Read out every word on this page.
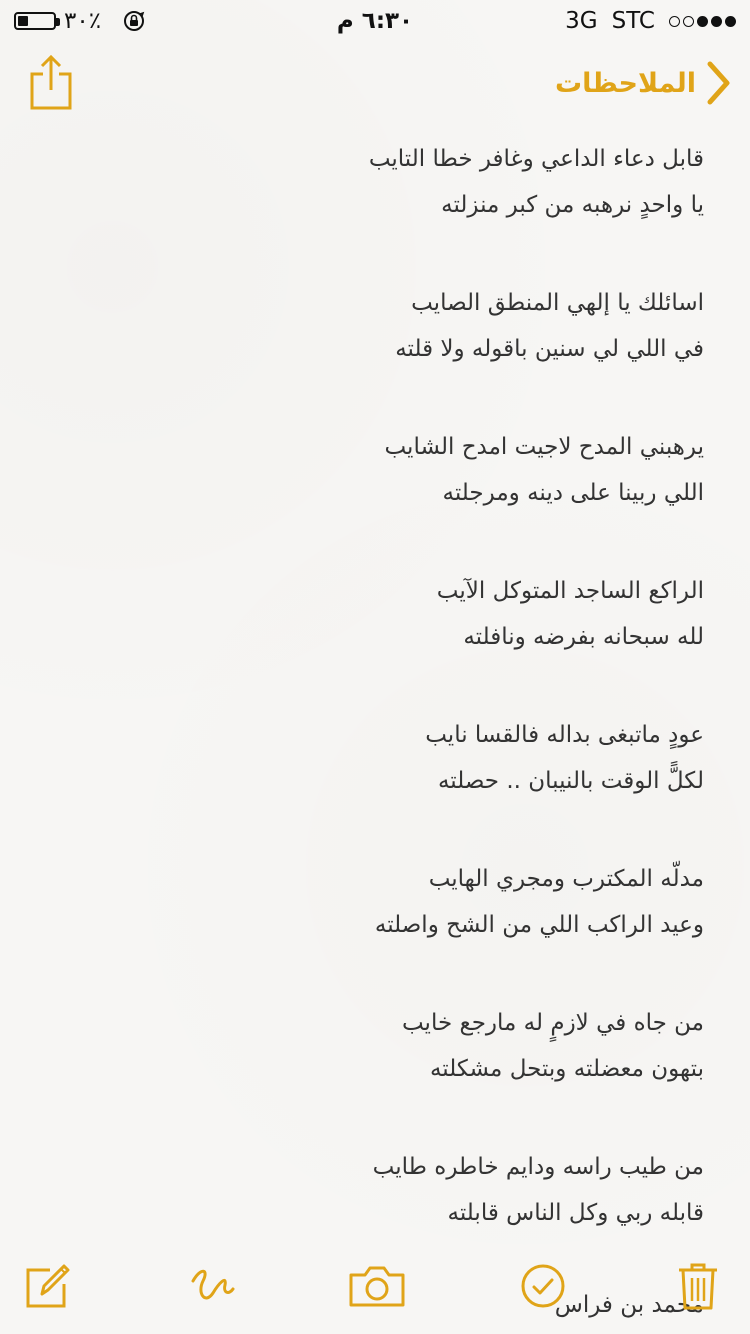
٣٠٪	٦:٣٠ م	3G STC
الملاحظات
قابل دعاء الداعي وغافر خطا التايب
يا واحدٍ نرهبه من كبر منزلته
اسائلك يا إلهي المنطق الصايب
في اللي لي سنين باقوله ولا قلته
يرهبني المدح لاجيت امدح الشايب
اللي ربينا على دينه ومرجلته
الراكع الساجد المتوكل الآيب
لله سبحانه بفرضه ونافلته
عودٍ ماتبغى بداله فالقسا نايب
لكلًّ الوقت بالنيبان .. حصلته
مدلّه المكترب ومجري الهايب
وعيد الراكب اللي من الشح واصلته
من جاه في لازمٍ له مارجع خايب
بتهون معضلته وبتحل مشكلته
من طيب راسه ودايم خاطره طايب
قابله ربي وكل الناس قابلته
محمد بن فراس
